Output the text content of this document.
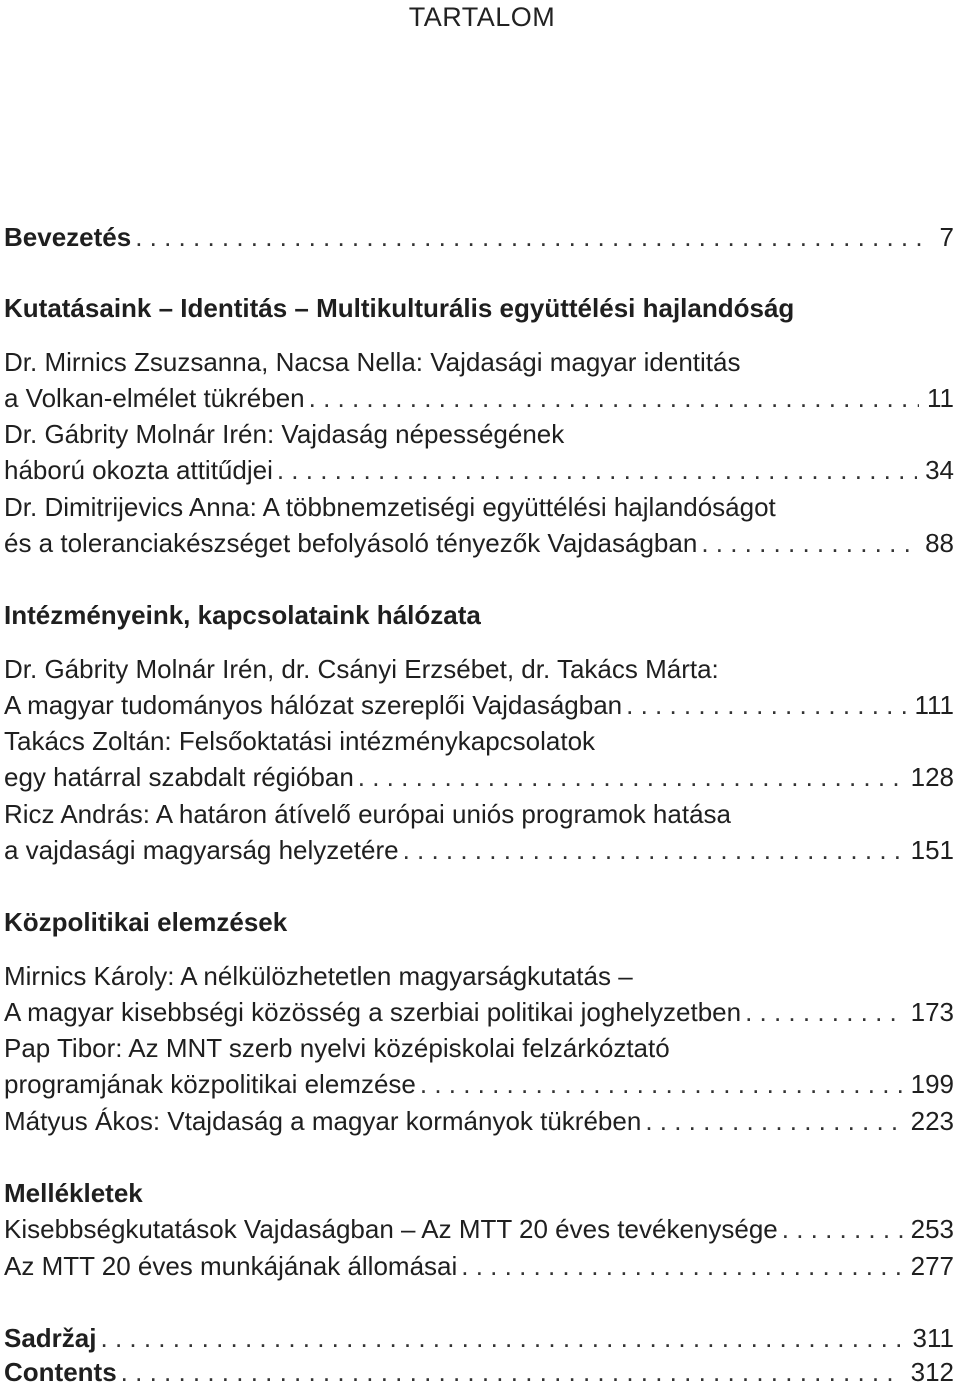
TARTALOM
Bevezetés . . .	7
Kutatásaink – Identitás – Multikulturális együttélési hajlandóság
Dr. Mirnics Zsuzsanna, Nacsa Nella: Vajdasági magyar identitás
a Volkan-elmélet tükrében . . .	11
Dr. Gábrity Molnár Irén: Vajdaság népességének
háború okozta attitűdjei . . .	34
Dr. Dimitrijevics Anna: A többnemzetiségi együttélési hajlandóságot
és a toleranciakészséget befolyásoló tényezők Vajdaságban . . .	88
Intézményeink, kapcsolataink hálózata
Dr. Gábrity Molnár Irén, dr. Csányi Erzsébet, dr. Takács Márta:
A magyar tudományos hálózat szereplői Vajdaságban . . .	111
Takács Zoltán: Felsőoktatási intézménykapcsolatok
egy határral szabdalt régióban . . .	128
Ricz András: A határon átívelő európai uniós programok hatása
a vajdasági magyarság helyzetére . . .	151
Közpolitikai elemzések
Mirnics Károly: A nélkülözhetetlen magyarságkutatás –
A magyar kisebbségi közösség a szerbiai politikai joghelyzetben . . .	173
Pap Tibor: Az MNT szerb nyelvi középiskolai felzárkóztató
programjának közpolitikai elemzése . . .	199
Mátyus Ákos: Vtajdaság a magyar kormányok tükrében . . .	223
Mellékletek
Kisebbségkutatások Vajdaságban – Az MTT 20 éves tevékenysége . . .	253
Az MTT 20 éves munkájának állomásai . . .	277
Sadržaj . . .	311
Contents . . .	312
